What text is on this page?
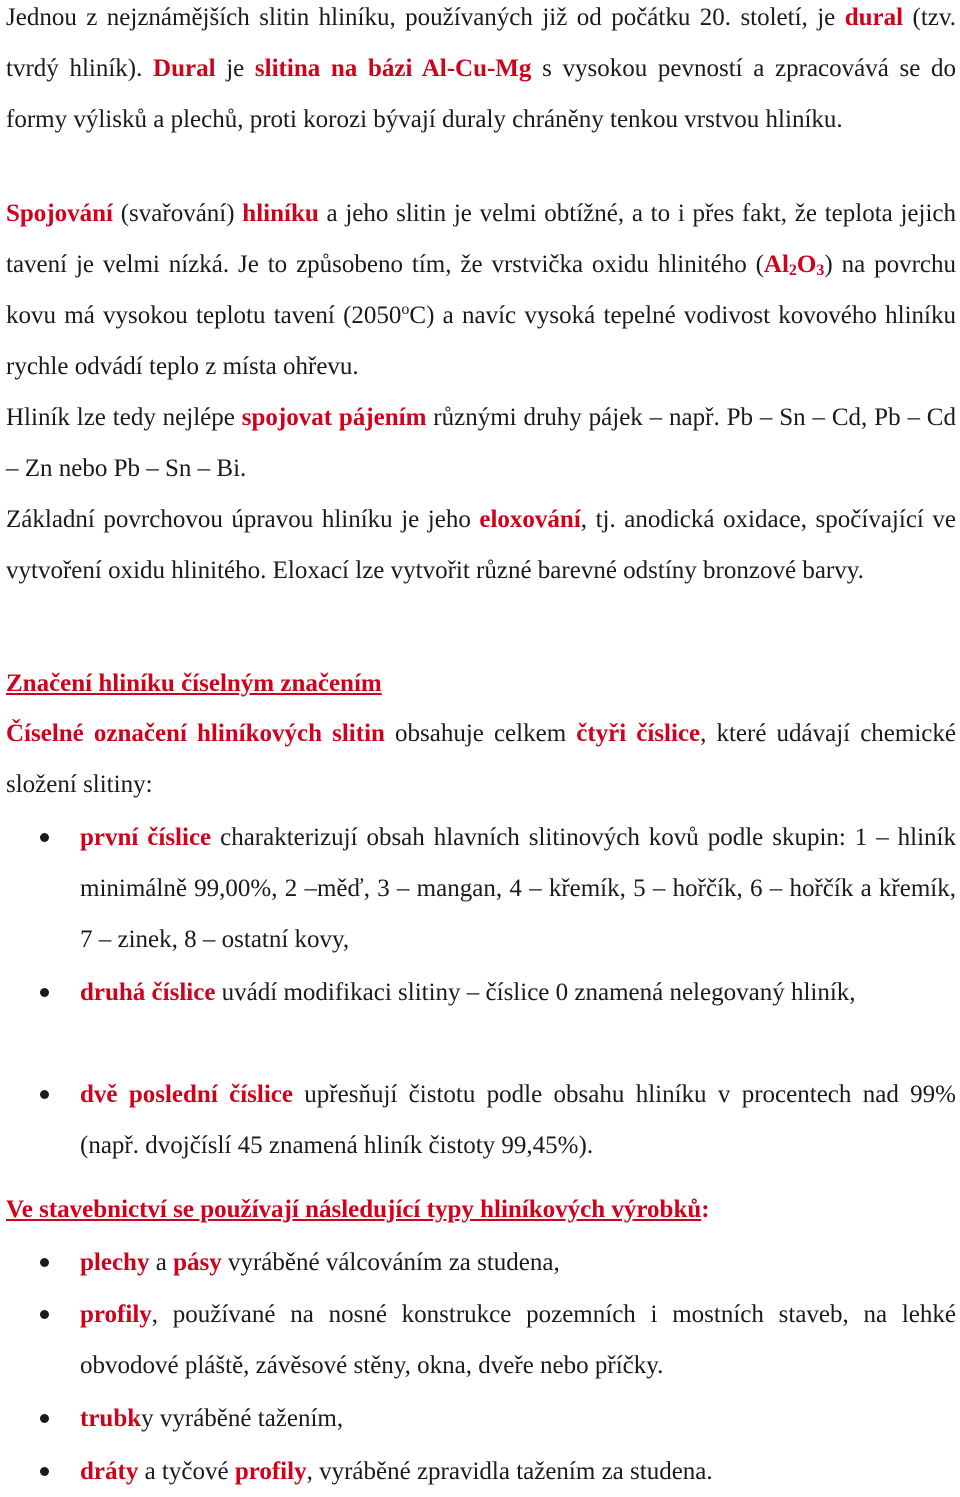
Jednou z nejznámějších slitin hliníku, používaných již od počátku 20. století, je dural (tzv. tvrdý hliník). Dural je slitina na bázi Al-Cu-Mg s vysokou pevností a zpracovává se do formy výlisků a plechů, proti korozi bývají duraly chráněny tenkou vrstvou hliníku.

Spojování (svařování) hliníku a jeho slitin je velmi obtížné, a to i přes fakt, že teplota jejich tavení je velmi nízká. Je to způsobeno tím, že vrstvička oxidu hlinitého $(Al_2O_3)$ na povrchu kovu má vysokou teplotu tavení (2050$^o$C) a navíc vysoká tepelné vodivost kovového hliníku rychle odvádí teplo z místa ohřevu.

Hliník lze tedy nejlépe spojovat pájením různými druhy pájek – např. Pb – Sn – Cd, Pb – Cd – Zn nebo Pb – Sn – Bi.

Základní povrchovou úpravou hliníku je jeho eloxování, tj. anodická oxidace, spočívající ve vytvoření oxidu hlinitého. Eloxací lze vytvořit různé barevné odstíny bronzové barvy.

Značení hliníku číselným značením

Číselné označení hliníkových slitin obsahuje celkem čtyři číslice, které udávají chemické složení slitiny:

první číslice charakterizují obsah hlavních slitinových kovů podle skupin: 1 – hliník minimálně 99,00%, 2 –měď, 3 – mangan, 4 – křemík, 5 – hořčík, 6 – hořčík a křemík, 7 – zinek, 8 – ostatní kovy,

druhá číslice uvádí modifikaci slitiny – číslice 0 znamená nelegovaný hliník,

dvě poslední číslice upřesňují čistotu podle obsahu hliníku v procentech nad 99% (např. dvojčíslí 45 znamená hliník čistoty 99,45%).

Ve stavebnictví se používají následující typy hliníkových výrobků:

plechy a pásy vyráběné válcováním za studena,

profily, používané na nosné konstrukce pozemních i mostních staveb, na lehké obvodové pláště, závěsové stěny, okna, dveře nebo příčky.

trubky vyráběné tažením,

dráty a tyčové profily, vyráběné zpravidla tažením za studena.
